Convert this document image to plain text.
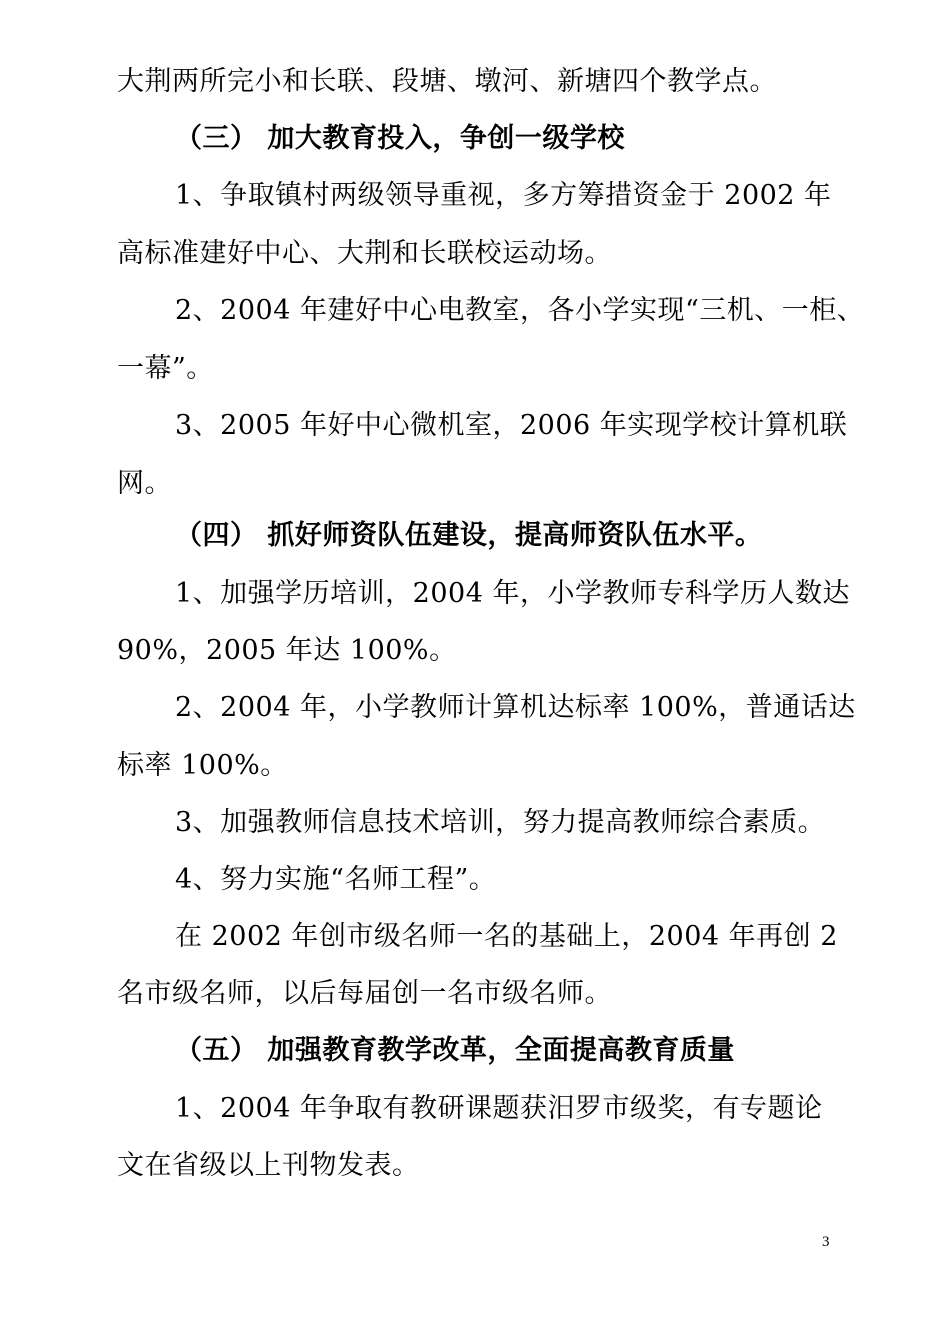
大荆两所完小和长联、段塘、墩河、新塘四个教学点。
（三） 加大教育投入，争创一级学校
1、争取镇村两级领导重视，多方筹措资金于 2002 年
高标准建好中心、大荆和长联校运动场。
2、2004 年建好中心电教室，各小学实现“三机、一柜、
一幕”。
3、2005 年好中心微机室，2006 年实现学校计算机联
网。
（四） 抓好师资队伍建设，提高师资队伍水平。
1、加强学历培训，2004 年，小学教师专科学历人数达
90%，2005 年达 100%。
2、2004 年，小学教师计算机达标率 100%，普通话达
标率 100%。
3、加强教师信息技术培训，努力提高教师综合素质。
4、努力实施“名师工程”。
在 2002 年创市级名师一名的基础上，2004 年再创 2
名市级名师，以后每届创一名市级名师。
（五） 加强教育教学改革，全面提高教育质量
1、2004 年争取有教研课题获汨罗市级奖，有专题论
文在省级以上刊物发表。
3
